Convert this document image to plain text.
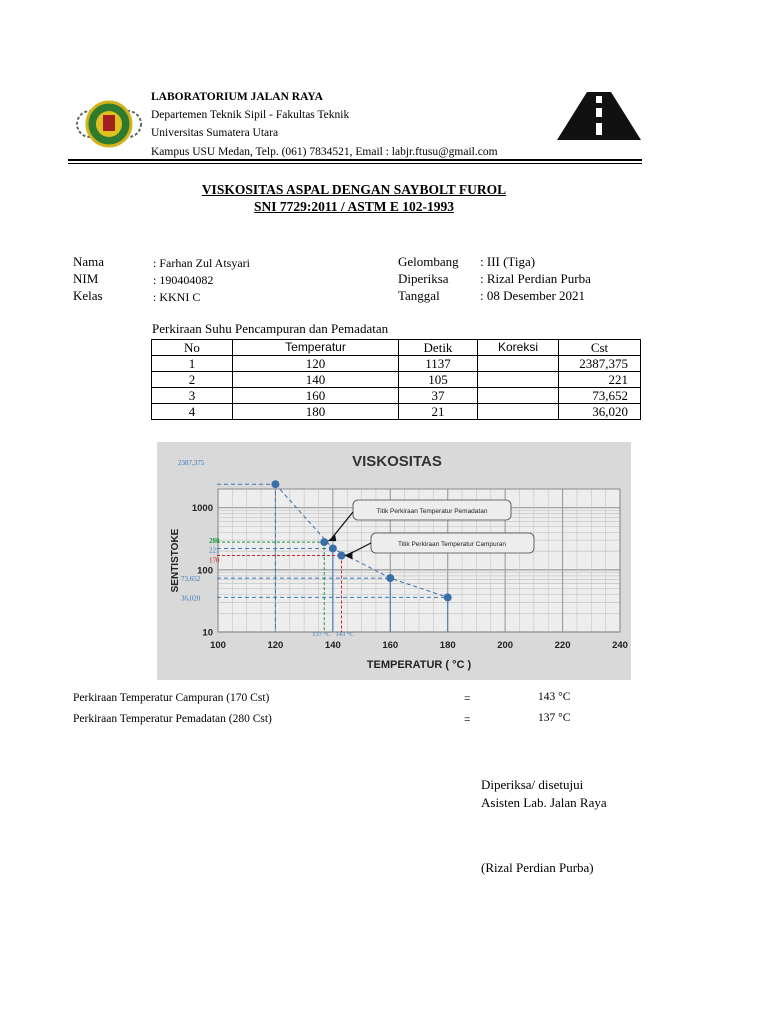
LABORATORIUM JALAN RAYA
Departemen Teknik Sipil - Fakultas Teknik
Universitas Sumatera Utara
Kampus USU Medan, Telp. (061) 7834521, Email : labjr.ftusu@gmail.com
VISKOSITAS ASPAL DENGAN SAYBOLT FUROL
SNI 7729:2011 / ASTM E 102-1993
Nama	: Farhan Zul Atsyari
NIM	: 190404082
Kelas	: KKNI C
Gelombang : III (Tiga)
Diperiksa : Rizal Perdian Purba
Tanggal	: 08 Desember 2021
Perkiraan Suhu Pencampuran dan Pemadatan
No	Temperatur	Detik	Koreksi	Cst
1	120	1137		2387,375
2	140	105		221
3	160	37		73,652
4	180	21		36,020
VISKOSITAS
TEMPERATUR ( °C )
SENTISTOKE
100	120	140	160	180	200	220	240
10
100
1000
2387,375
280
221
170
73,652
36,020
137 °C 143 °C
Titik Perkiraan Temperatur Pemadatan
Titik Perkiraan Temperatur Campuran
Perkiraan Temperatur Campuran (170 Cst)	=	143 °C
Perkiraan Temperatur Pemadatan (280 Cst)	=	137 °C
Diperiksa/ disetujui
Asisten Lab. Jalan Raya
(Rizal Perdian Purba)
